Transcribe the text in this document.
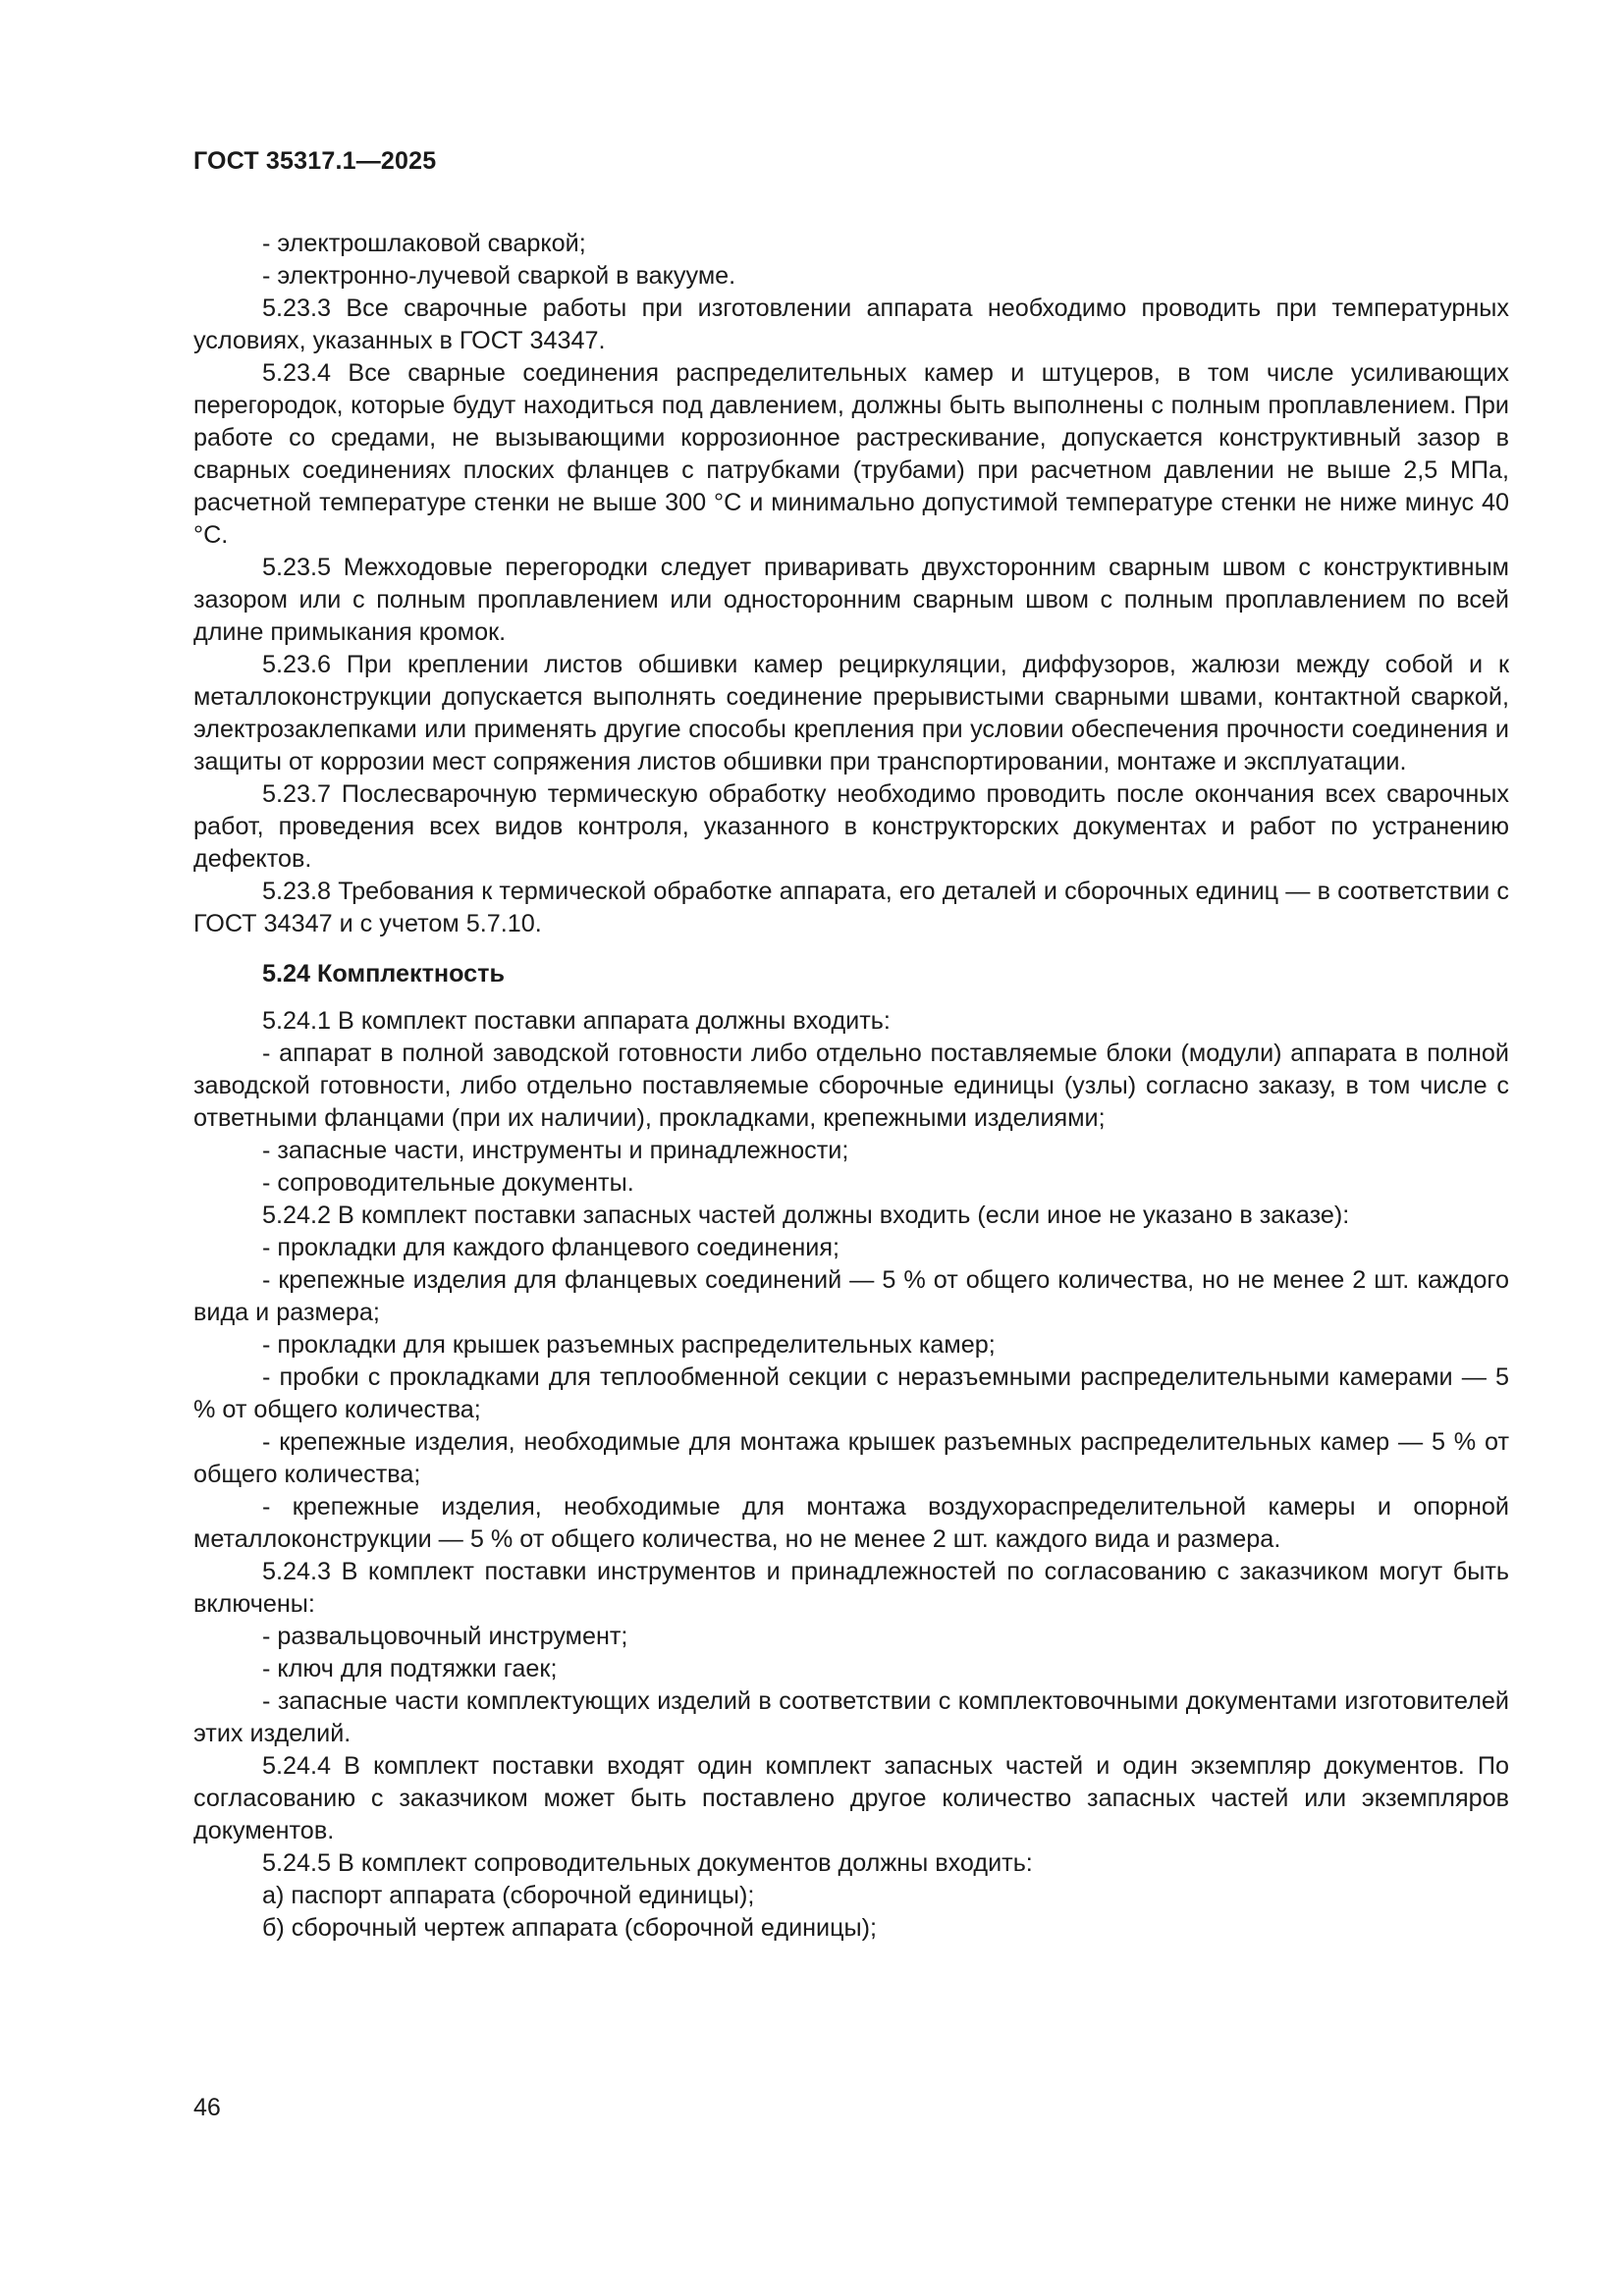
ГОСТ 35317.1—2025

- электрошлаковой сваркой;

- электронно-лучевой сваркой в вакууме.

5.23.3 Все сварочные работы при изготовлении аппарата необходимо проводить при температурных условиях, указанных в ГОСТ 34347.

5.23.4 Все сварные соединения распределительных камер и штуцеров, в том числе усиливающих перегородок, которые будут находиться под давлением, должны быть выполнены с полным проплавлением. При работе со средами, не вызывающими коррозионное растрескивание, допускается конструктивный зазор в сварных соединениях плоских фланцев с патрубками (трубами) при расчетном давлении не выше 2,5 МПа, расчетной температуре стенки не выше 300 °С и минимально допустимой температуре стенки не ниже минус 40 °С.

5.23.5 Межходовые перегородки следует приваривать двухсторонним сварным швом с конструктивным зазором или с полным проплавлением или односторонним сварным швом с полным проплавлением по всей длине примыкания кромок.

5.23.6 При креплении листов обшивки камер рециркуляции, диффузоров, жалюзи между собой и к металлоконструкции допускается выполнять соединение прерывистыми сварными швами, контактной сваркой, электрозаклепками или применять другие способы крепления при условии обеспечения прочности соединения и защиты от коррозии мест сопряжения листов обшивки при транспортировании, монтаже и эксплуатации.

5.23.7 Послесварочную термическую обработку необходимо проводить после окончания всех сварочных работ, проведения всех видов контроля, указанного в конструкторских документах и работ по устранению дефектов.

5.23.8 Требования к термической обработке аппарата, его деталей и сборочных единиц — в соответствии с ГОСТ 34347 и с учетом 5.7.10.

5.24 Комплектность

5.24.1 В комплект поставки аппарата должны входить:

- аппарат в полной заводской готовности либо отдельно поставляемые блоки (модули) аппарата в полной заводской готовности, либо отдельно поставляемые сборочные единицы (узлы) согласно заказу, в том числе с ответными фланцами (при их наличии), прокладками, крепежными изделиями;

- запасные части, инструменты и принадлежности;

- сопроводительные документы.

5.24.2 В комплект поставки запасных частей должны входить (если иное не указано в заказе):

- прокладки для каждого фланцевого соединения;

- крепежные изделия для фланцевых соединений — 5 % от общего количества, но не менее 2 шт. каждого вида и размера;

- прокладки для крышек разъемных распределительных камер;

- пробки с прокладками для теплообменной секции с неразъемными распределительными камерами — 5 % от общего количества;

- крепежные изделия, необходимые для монтажа крышек разъемных распределительных камер — 5 % от общего количества;

- крепежные изделия, необходимые для монтажа воздухораспределительной камеры и опорной металлоконструкции — 5 % от общего количества, но не менее 2 шт. каждого вида и размера.

5.24.3 В комплект поставки инструментов и принадлежностей по согласованию с заказчиком могут быть включены:

- развальцовочный инструмент;

- ключ для подтяжки гаек;

- запасные части комплектующих изделий в соответствии с комплектовочными документами изготовителей этих изделий.

5.24.4 В комплект поставки входят один комплект запасных частей и один экземпляр документов. По согласованию с заказчиком может быть поставлено другое количество запасных частей или экземпляров документов.

5.24.5 В комплект сопроводительных документов должны входить:

а) паспорт аппарата (сборочной единицы);

б) сборочный чертеж аппарата (сборочной единицы);

46
